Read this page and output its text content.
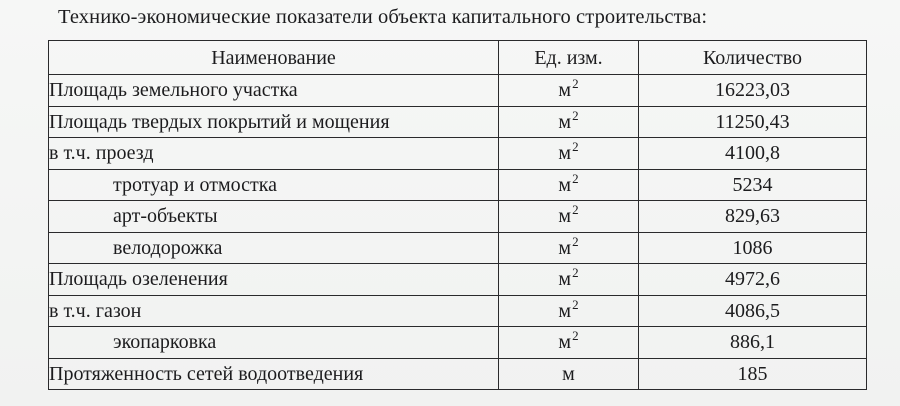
Технико-экономические показатели объекта капитального строительства:
Наименование	Ед. изм.	Количество
Площадь земельного участка	$м^2$	16223,03
Площадь твердых покрытий и мощения	$м^2$	11250,43
в т.ч. проезд	$м^2$	4100,8
тротуар и отмостка	$м^2$	5234
арт-объекты	$м^2$	829,63
велодорожка	$м^2$	1086
Площадь озеленения	$м^2$	4972,6
в т.ч. газон	$м^2$	4086,5
экопарковка	$м^2$	886,1
Протяженность сетей водоотведения	м	185
